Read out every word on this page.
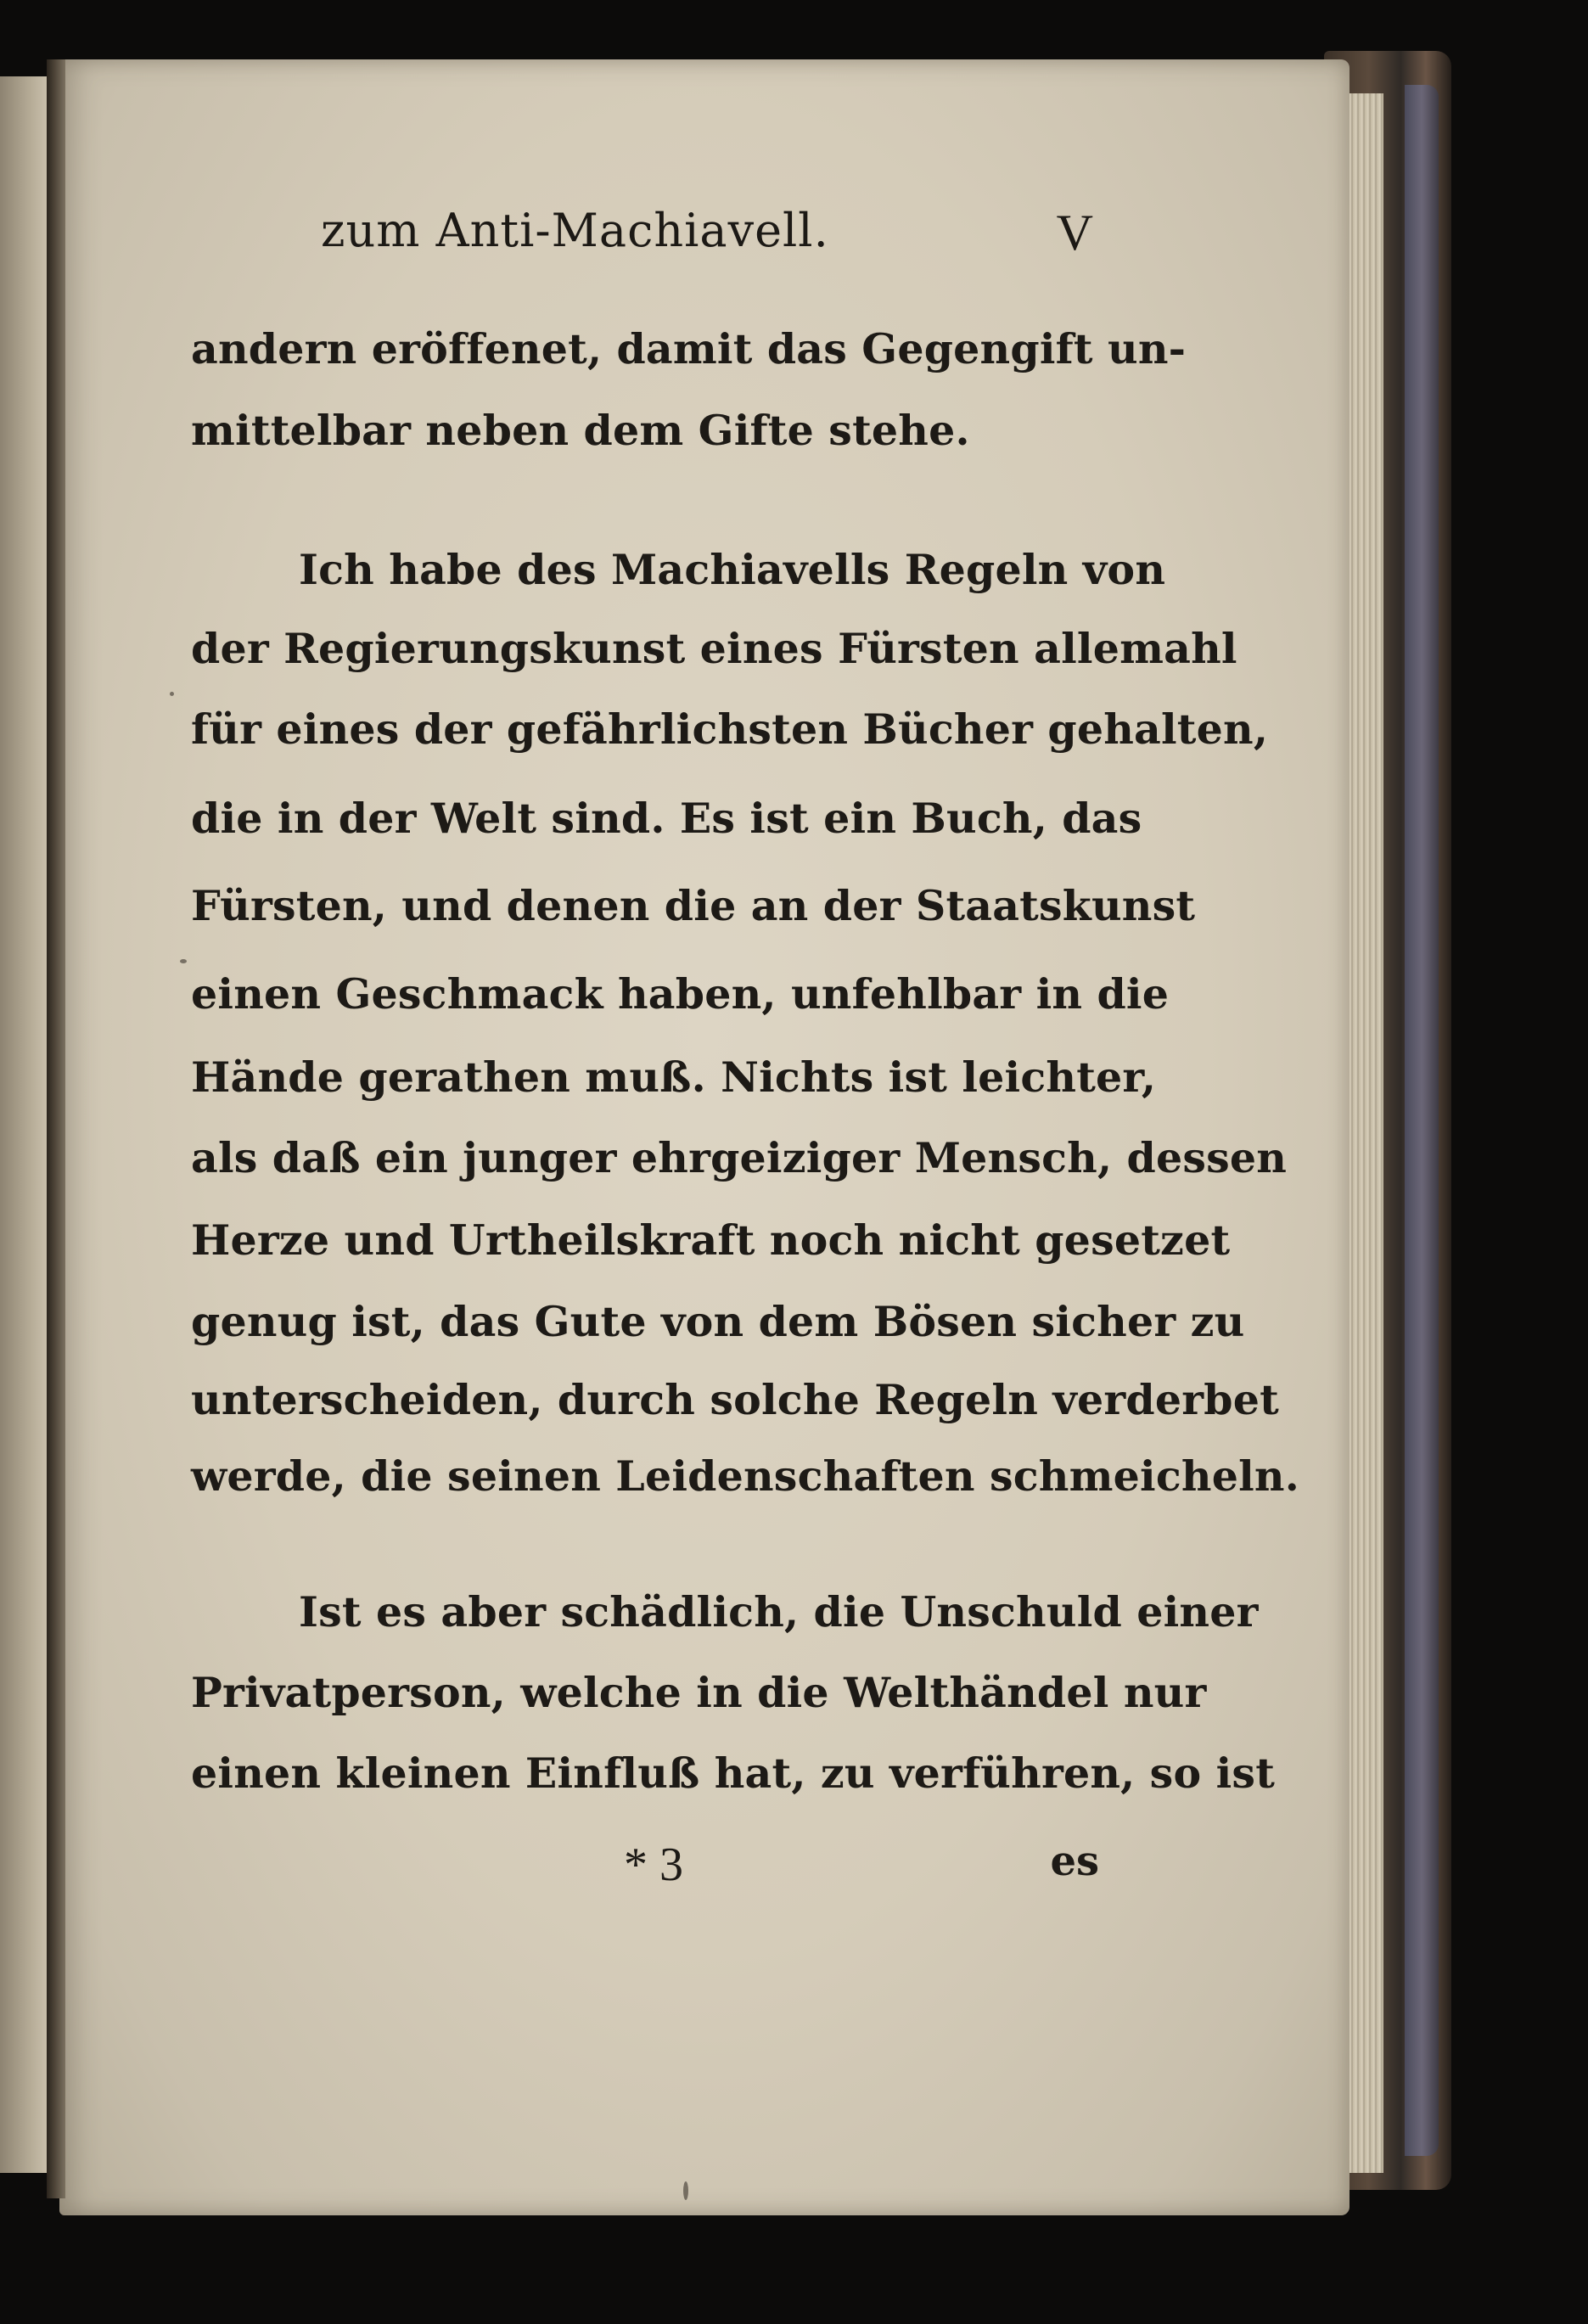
zum Anti-Machiavell.	V
andern eröffenet, damit das Gegengift un-
mittelbar neben dem Gifte stehe.
Ich habe des Machiavells Regeln von
der Regierungskunst eines Fürsten allemahl
für eines der gefährlichsten Bücher gehalten,
die in der Welt sind. Es ist ein Buch, das
Fürsten, und denen die an der Staatskunst
einen Geschmack haben, unfehlbar in die
Hände gerathen muß. Nichts ist leichter,
als daß ein junger ehrgeiziger Mensch, dessen
Herze und Urtheilskraft noch nicht gesetzet
genug ist, das Gute von dem Bösen sicher zu
unterscheiden, durch solche Regeln verderbet
werde, die seinen Leidenschaften schmeicheln.
Ist es aber schädlich, die Unschuld einer
Privatperson, welche in die Welthändel nur
einen kleinen Einfluß hat, zu verführen, so ist
* 3	es
